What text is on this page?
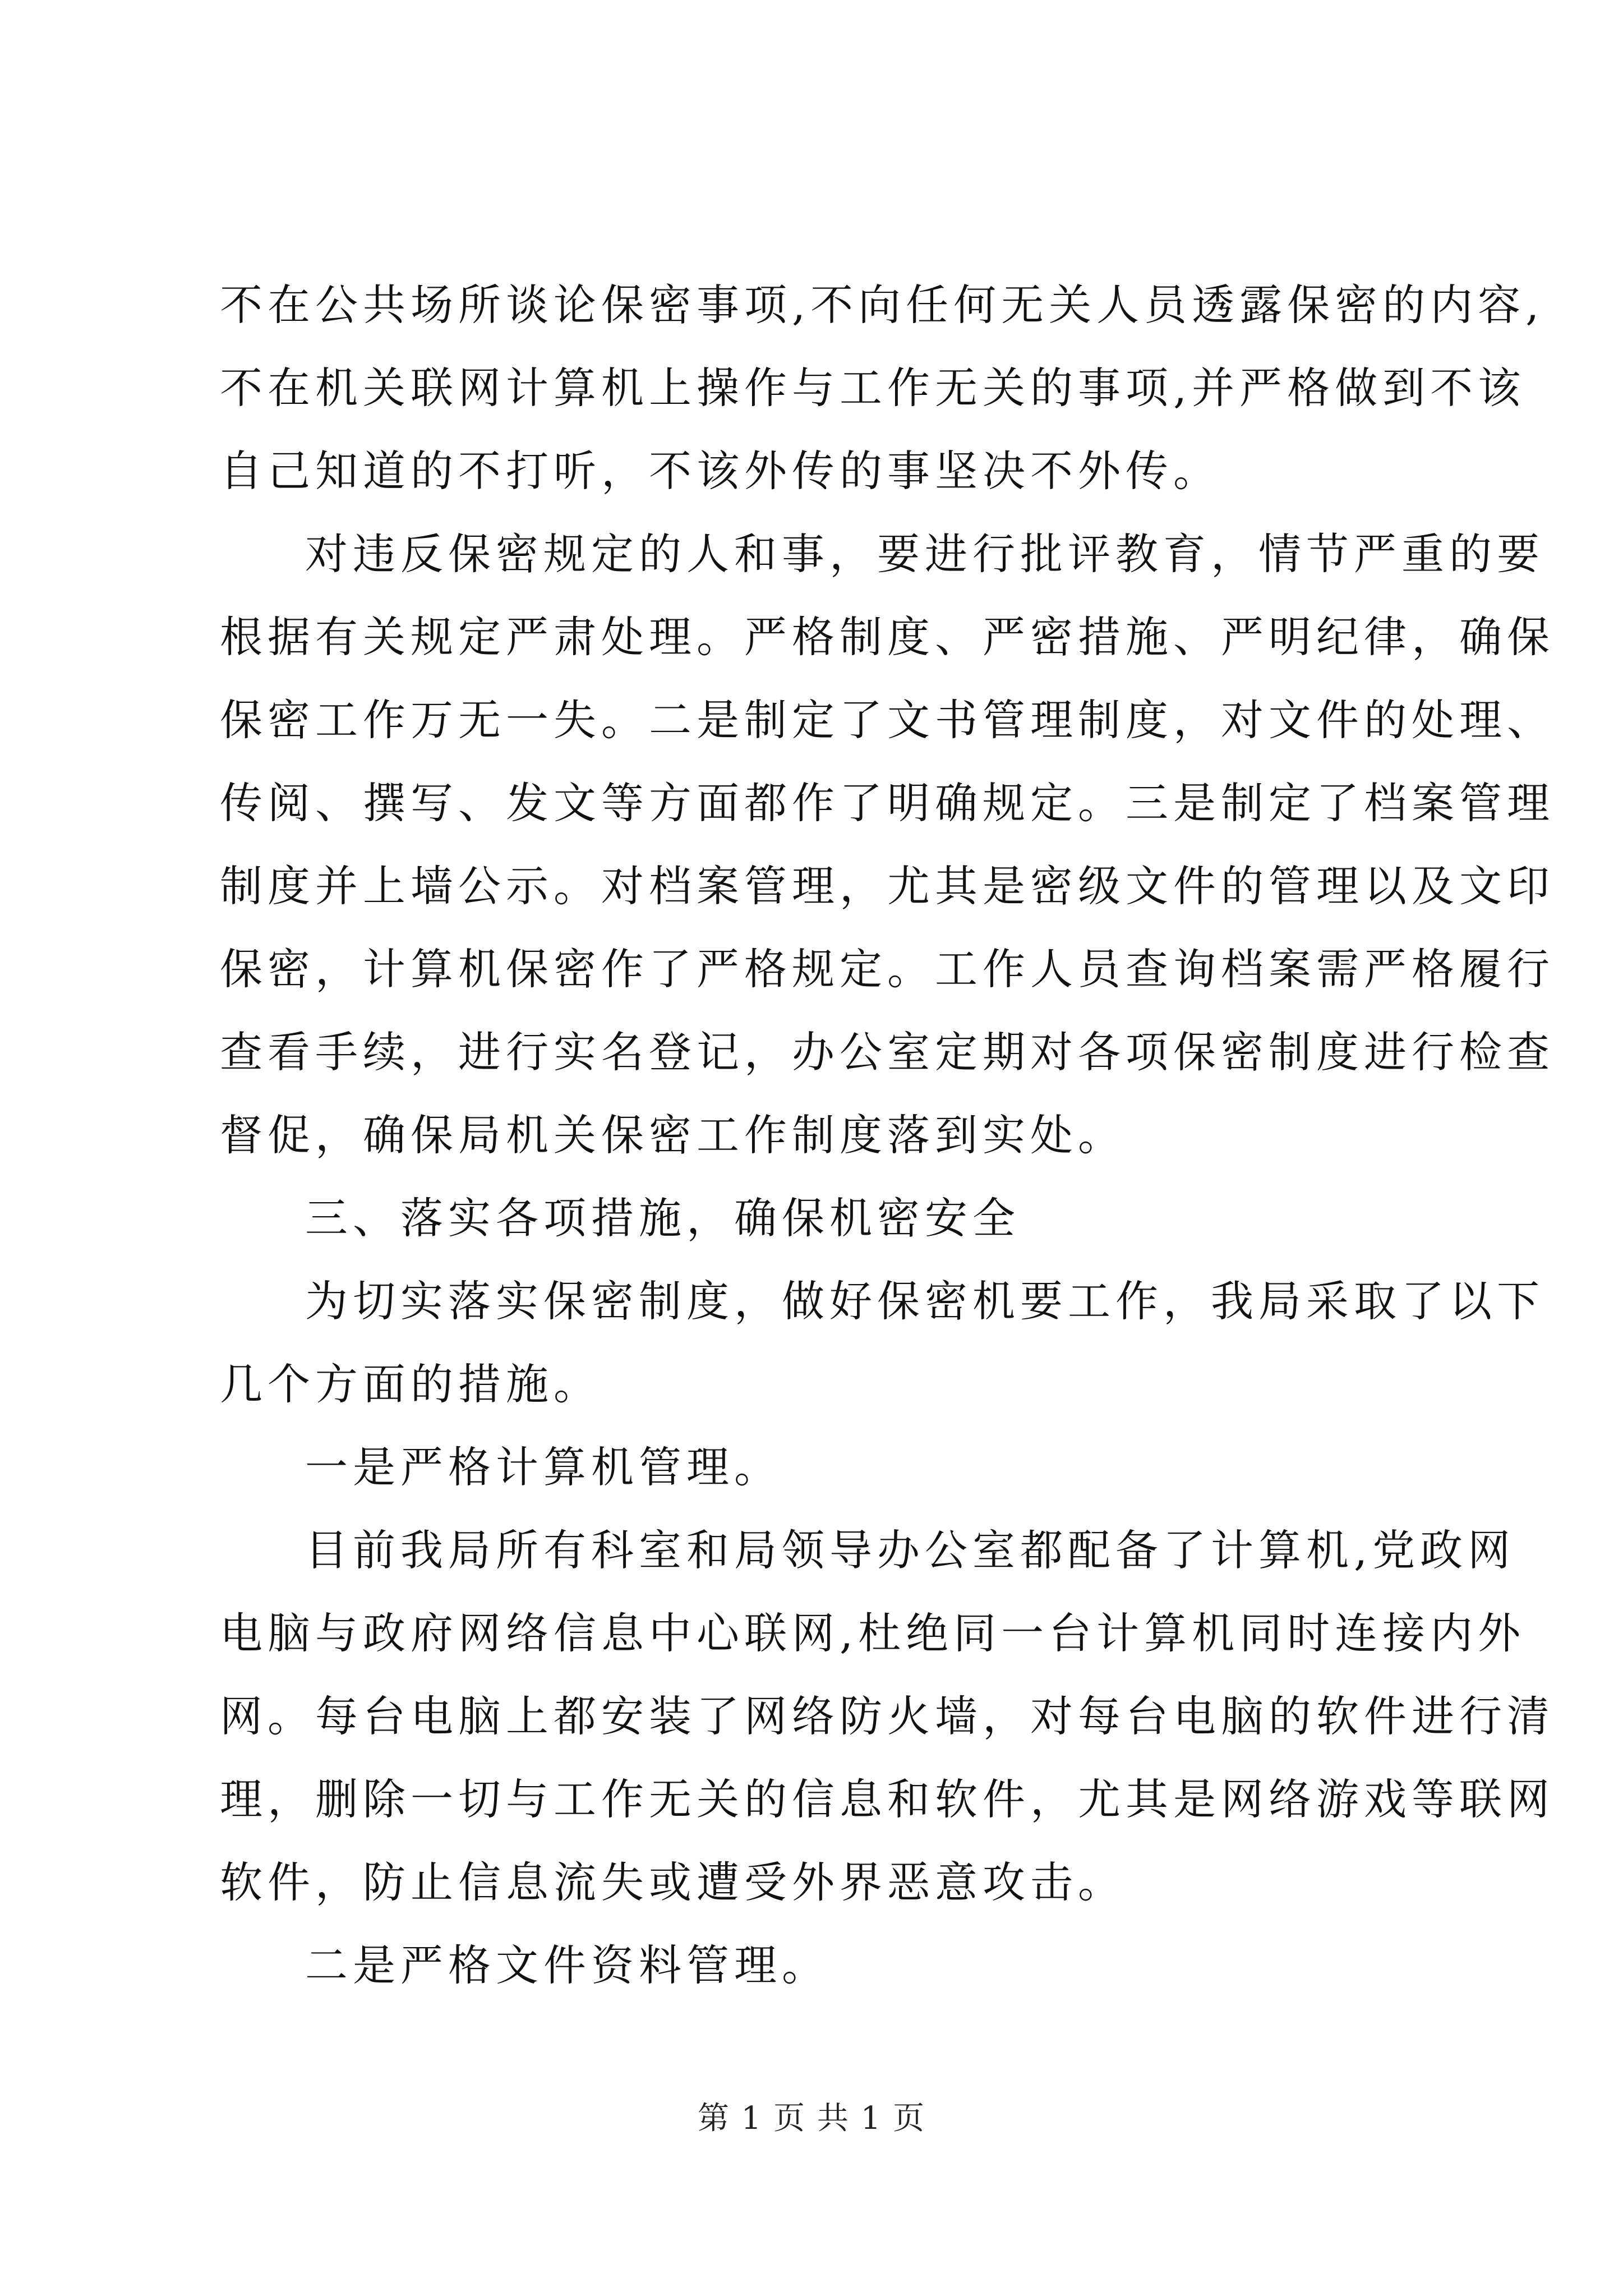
不在公共场所谈论保密事项,不向任何无关人员透露保密的内容,
不在机关联网计算机上操作与工作无关的事项,并严格做到不该
自己知道的不打听，不该外传的事坚决不外传。
对违反保密规定的人和事，要进行批评教育，情节严重的要
根据有关规定严肃处理。严格制度、严密措施、严明纪律，确保
保密工作万无一失。二是制定了文书管理制度，对文件的处理、
传阅、撰写、发文等方面都作了明确规定。三是制定了档案管理
制度并上墙公示。对档案管理，尤其是密级文件的管理以及文印
保密，计算机保密作了严格规定。工作人员查询档案需严格履行
查看手续，进行实名登记，办公室定期对各项保密制度进行检查
督促，确保局机关保密工作制度落到实处。
三、落实各项措施，确保机密安全
为切实落实保密制度，做好保密机要工作，我局采取了以下
几个方面的措施。
一是严格计算机管理。
目前我局所有科室和局领导办公室都配备了计算机,党政网
电脑与政府网络信息中心联网,杜绝同一台计算机同时连接内外
网。每台电脑上都安装了网络防火墙，对每台电脑的软件进行清
理，删除一切与工作无关的信息和软件，尤其是网络游戏等联网
软件，防止信息流失或遭受外界恶意攻击。
二是严格文件资料管理。
第 1 页 共 1 页
